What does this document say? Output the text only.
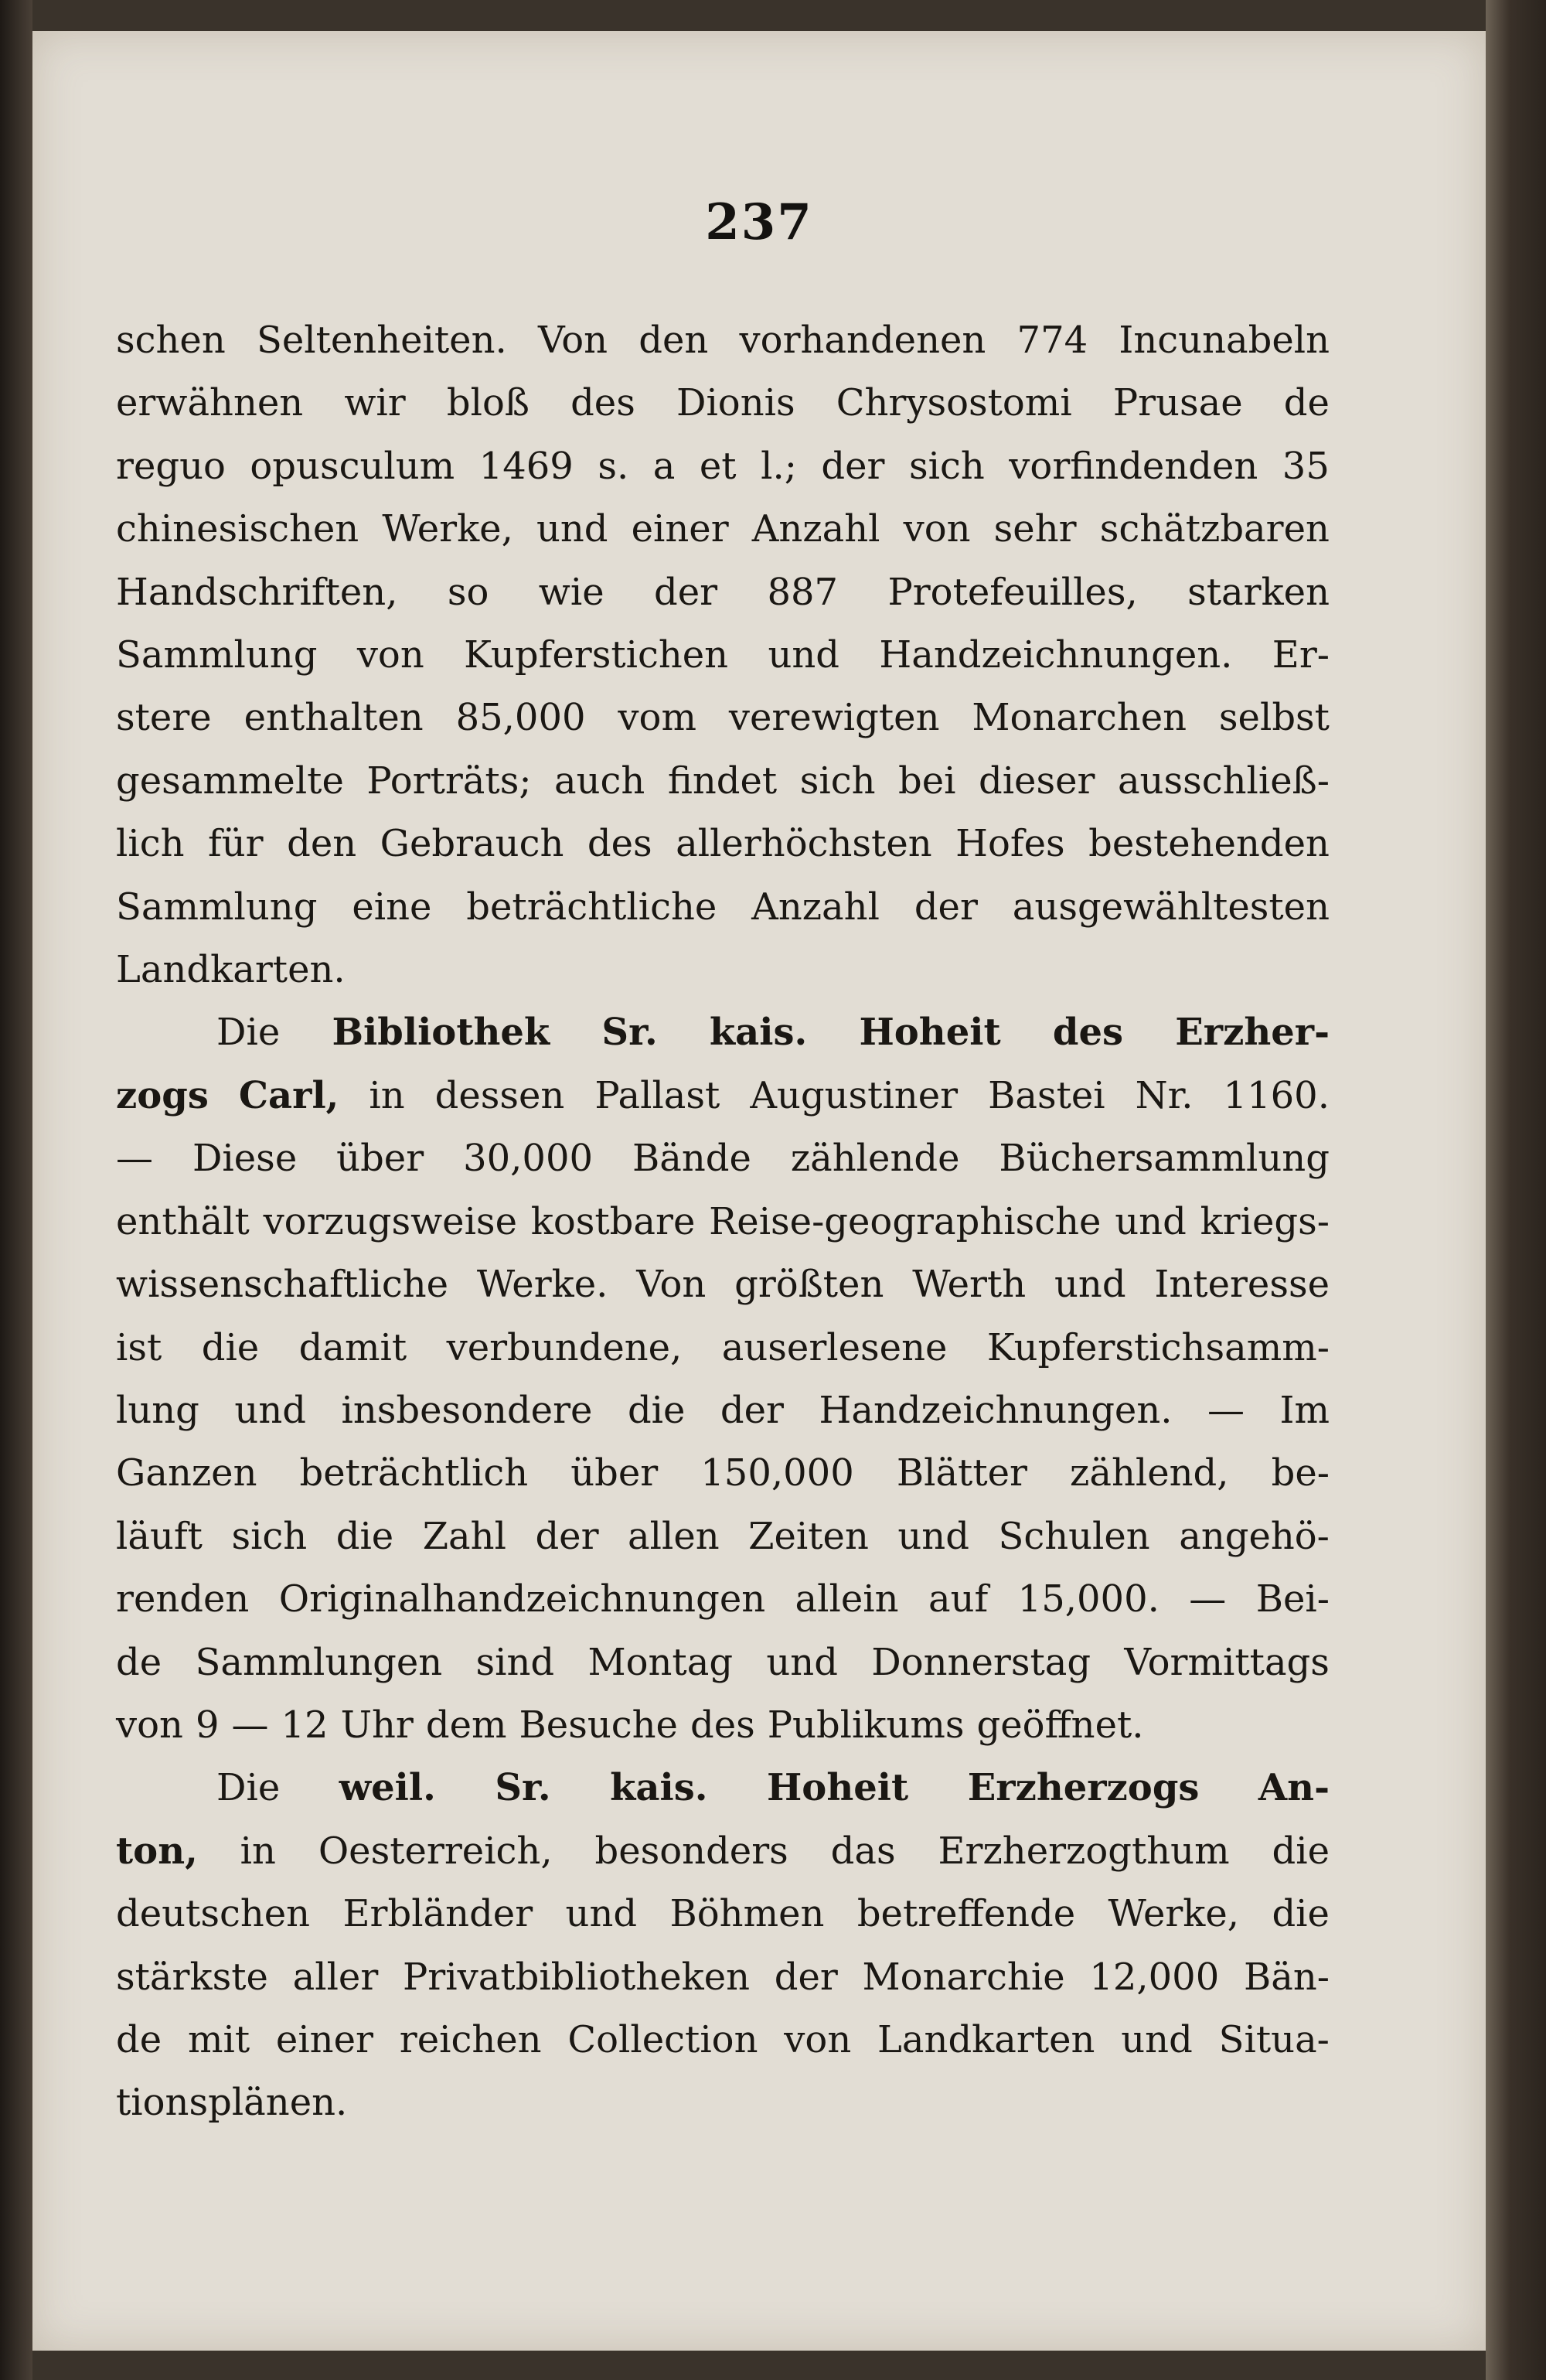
237
schen Seltenheiten. Von den vorhandenen 774 Incunabeln
erwähnen wir bloß des Dionis Chrysostomi Prusae de
reguo opusculum 1469 s. a et l.; der sich vorfindenden 35
chinesischen Werke, und einer Anzahl von sehr schätzbaren
Handschriften, so wie der 887 Protefeuilles, starken
Sammlung von Kupferstichen und Handzeichnungen. Er-
stere enthalten 85,000 vom verewigten Monarchen selbst
gesammelte Porträts; auch findet sich bei dieser ausschließ-
lich für den Gebrauch des allerhöchsten Hofes bestehenden
Sammlung eine beträchtliche Anzahl der ausgewähltesten
Landkarten.
Die Bibliothek Sr. kais. Hoheit des Erzher-
zogs Carl, in dessen Pallast Augustiner Bastei Nr. 1160.
— Diese über 30,000 Bände zählende Büchersammlung
enthält vorzugsweise kostbare Reise-geographische und kriegs-
wissenschaftliche Werke. Von größten Werth und Interesse
ist die damit verbundene, auserlesene Kupferstichsamm-
lung und insbesondere die der Handzeichnungen. — Im
Ganzen beträchtlich über 150,000 Blätter zählend, be-
läuft sich die Zahl der allen Zeiten und Schulen angehö-
renden Originalhandzeichnungen allein auf 15,000. — Bei-
de Sammlungen sind Montag und Donnerstag Vormittags
von 9 — 12 Uhr dem Besuche des Publikums geöffnet.
Die weil. Sr. kais. Hoheit Erzherzogs An-
ton, in Oesterreich, besonders das Erzherzogthum die
deutschen Erbländer und Böhmen betreffende Werke, die
stärkste aller Privatbibliotheken der Monarchie 12,000 Bän-
de mit einer reichen Collection von Landkarten und Situa-
tionsplänen.
